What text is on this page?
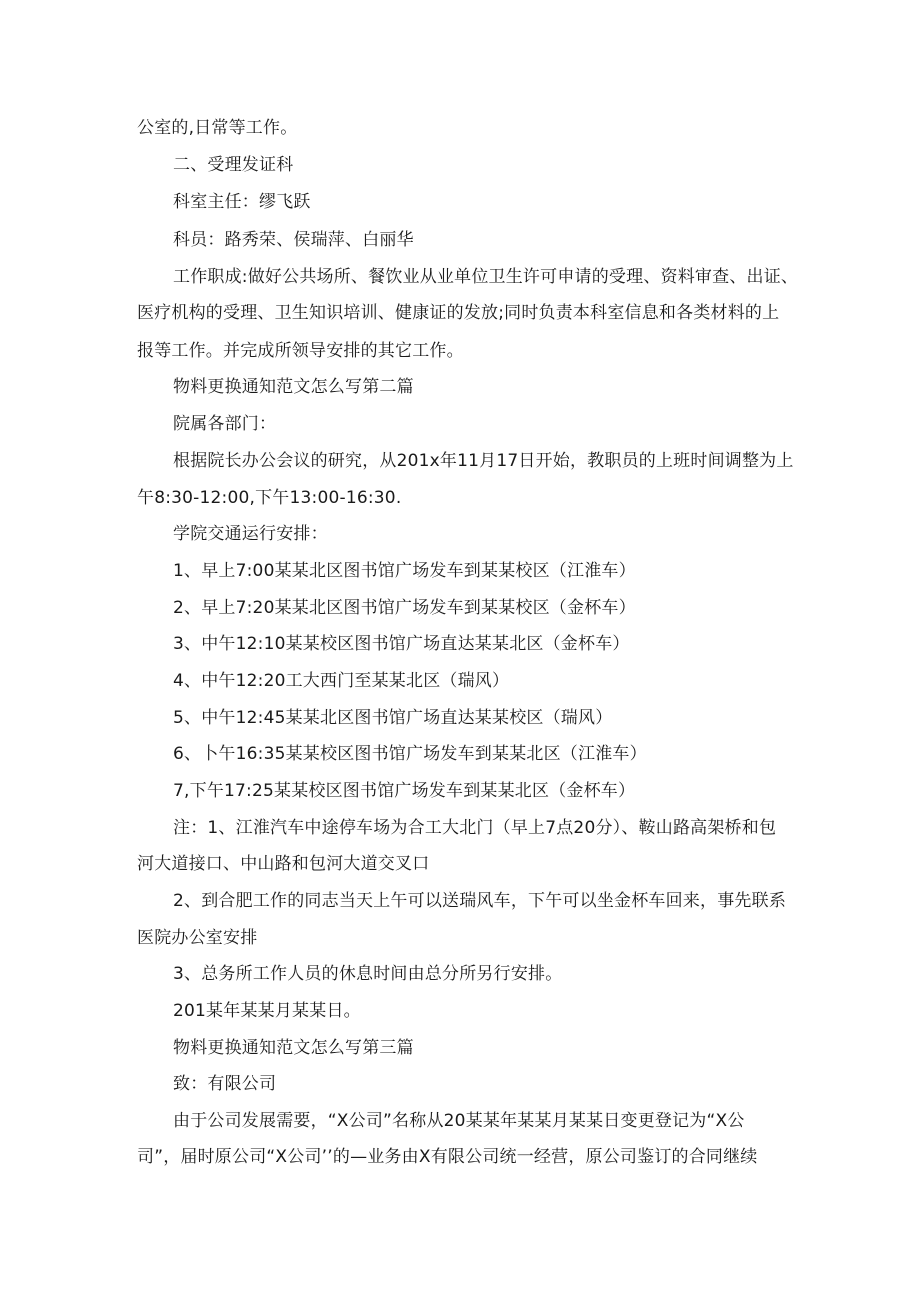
公室的,日常等工作。
二、受理发证科
科室主任：缪飞跃
科员：路秀荣、侯瑞萍、白丽华
工作职成:做好公共场所、餐饮业从业单位卫生许可申请的受理、资料审查、出证、
医疗机构的受理、卫生知识培训、健康证的发放;同时负责本科室信息和各类材料的上
报等工作。并完成所领导安排的其它工作。
物料更换通知范文怎么写第二篇
院属各部门：
根据院长办公会议的研究，从201x年11月17日开始，教职员的上班时间调整为上
午8:30-12:00,下午13:00-16:30.
学院交通运行安排：
1、早上7:00某某北区图书馆广场发车到某某校区（江淮车）
2、早上7:20某某北区图书馆广场发车到某某校区（金杯车）
3、中午12:10某某校区图书馆广场直达某某北区（金杯车）
4、中午12:20工大西门至某某北区（瑞风）
5、中午12:45某某北区图书馆广场直达某某校区（瑞风）
6、卜午16:35某某校区图书馆广场发车到某某北区（江淮车）
7,下午17:25某某校区图书馆广场发车到某某北区（金杯车）
注：1、江淮汽车中途停车场为合工大北门（早上7点20分）、鞍山路高架桥和包
河大道接口、中山路和包河大道交叉口
2、到合肥工作的同志当天上午可以送瑞风车，下午可以坐金杯车回来，事先联系
医院办公室安排
3、总务所工作人员的休息时间由总分所另行安排。
201某年某某月某某日。
物料更换通知范文怎么写第三篇
致：有限公司
由于公司发展需要，“X公司”名称从20某某年某某月某某日变更登记为“X公
司”，届时原公司“X公司’’的—业务由X有限公司统一经营，原公司鉴订的合同继续
